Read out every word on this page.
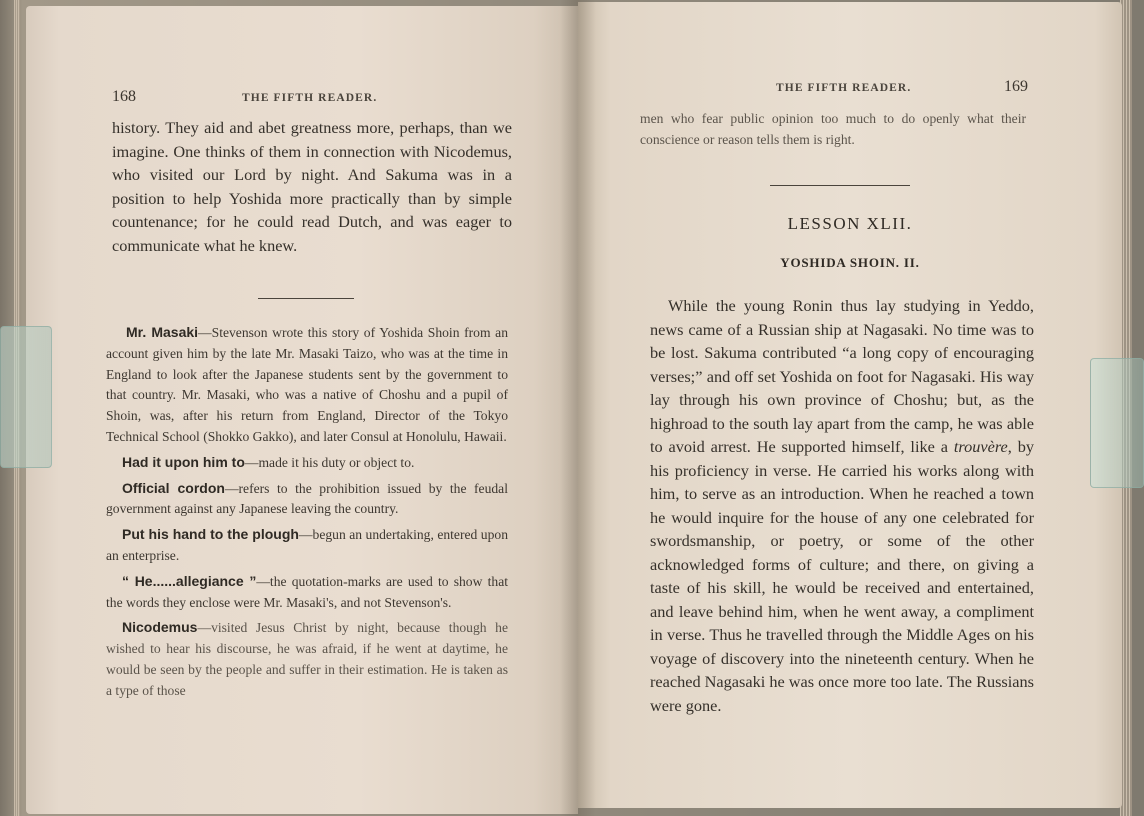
168	THE FIFTH READER.

history. They aid and abet greatness more, perhaps, than we imagine. One thinks of them in connection with Nicodemus, who visited our Lord by night. And Sakuma was in a position to help Yoshida more practically than by simple countenance; for he could read Dutch, and was eager to communicate what he knew.

Mr. Masaki—Stevenson wrote this story of Yoshida Shoin from an account given him by the late Mr. Masaki Taizo, who was at the time in England to look after the Japanese students sent by the government to that country. Mr. Masaki, who was a native of Choshu and a pupil of Shoin, was, after his return from England, Director of the Tokyo Technical School (Shokko Gakko), and later Consul at Honolulu, Hawaii.

Had it upon him to—made it his duty or object to.

Official cordon—refers to the prohibition issued by the feudal government against any Japanese leaving the country.

Put his hand to the plough—begun an undertaking, entered upon an enterprise.

“ He......allegiance ”—the quotation-marks are used to show that the words they enclose were Mr. Masaki's, and not Stevenson's.

Nicodemus—visited Jesus Christ by night, because though he wished to hear his discourse, he was afraid, if he went at daytime, he would be seen by the people and suffer in their estimation. He is taken as a type of those

THE FIFTH READER.	169

men who fear public opinion too much to do openly what their conscience or reason tells them is right.

LESSON XLII.
YOSHIDA SHOIN. II.

While the young Ronin thus lay studying in Yeddo, news came of a Russian ship at Nagasaki. No time was to be lost. Sakuma contributed “a long copy of encouraging verses;” and off set Yoshida on foot for Nagasaki. His way lay through his own province of Choshu; but, as the highroad to the south lay apart from the camp, he was able to avoid arrest. He supported himself, like a trouvère, by his proficiency in verse. He carried his works along with him, to serve as an introduction. When he reached a town he would inquire for the house of any one celebrated for swordsmanship, or poetry, or some of the other acknowledged forms of culture; and there, on giving a taste of his skill, he would be received and entertained, and leave behind him, when he went away, a compliment in verse. Thus he travelled through the Middle Ages on his voyage of discovery into the nineteenth century. When he reached Nagasaki he was once more too late. The Russians were gone.
